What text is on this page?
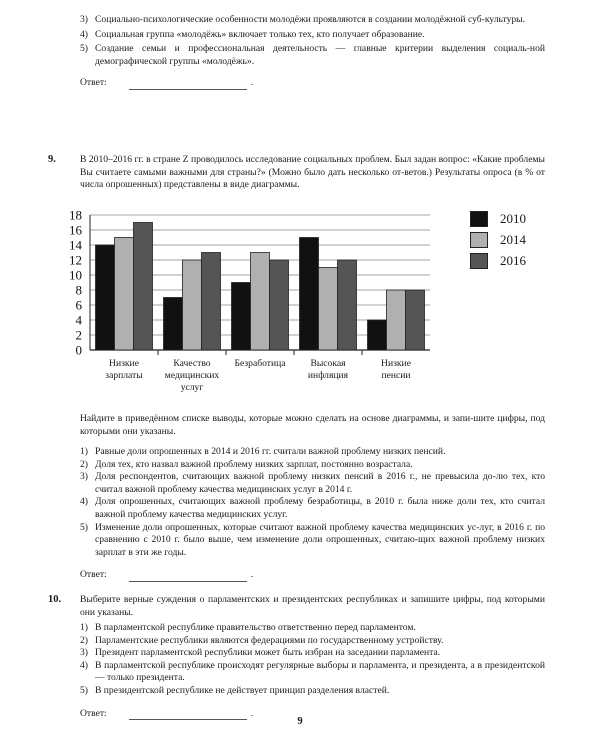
3) Социально-психологические особенности молодёжи проявляются в создании молодёжной суб-культуры.
4) Социальная группа «молодёжь» включает только тех, кто получает образование.
5) Создание семьи и профессиональная деятельность — главные критерии выделения социаль-ной демографической группы «молодёжь».
Ответ:	.
9.	В 2010–2016 гг. в стране Z проводилось исследование социальных проблем. Был задан вопрос: «Какие проблемы Вы считаете самыми важными для страны?» (Можно было дать несколько от-ветов.) Результаты опроса (в % от числа опрошенных) представлены в виде диаграммы.
0
2
4
6
8
10
12
14
16
18
Низкие
зарплаты
Качество
медицинских
услуг
Безработица	Высокая
инфляция
Низкие
пенсии
2010
2014
2016
Найдите в приведённом списке выводы, которые можно сделать на основе диаграммы, и запи-шите цифры, под которыми они указаны.
1) Равные доли опрошенных в 2014 и 2016 гг. считали важной проблему низких пенсий.
2) Доля тех, кто назвал важной проблему низких зарплат, постоянно возрастала.
3) Доля респондентов, считающих важной проблему низких пенсий в 2016 г., не превысила до-лю тех, кто считал важной проблему качества медицинских услуг в 2014 г.
4) Доля опрошенных, считающих важной проблему безработицы, в 2010 г. была ниже доли тех, кто считал важной проблему качества медицинских услуг.
5) Изменение доли опрошенных, которые считают важной проблему качества медицинских ус-луг, в 2016 г. по сравнению с 2010 г. было выше, чем изменение доли опрошенных, считаю-щих важной проблему низких зарплат в эти же годы.
Ответ:	.
10. Выберите верные суждения о парламентских и президентских республиках и запишите цифры, под которыми они указаны.
1) В парламентской республике правительство ответственно перед парламентом.
2) Парламентские республики являются федерациями по государственному устройству.
3) Президент парламентской республики может быть избран на заседании парламента.
4) В парламентской республике происходят регулярные выборы и парламента, и президента, а в президентской — только президента.
5) В президентской республике не действует принцип разделения властей.
Ответ:	.
9
